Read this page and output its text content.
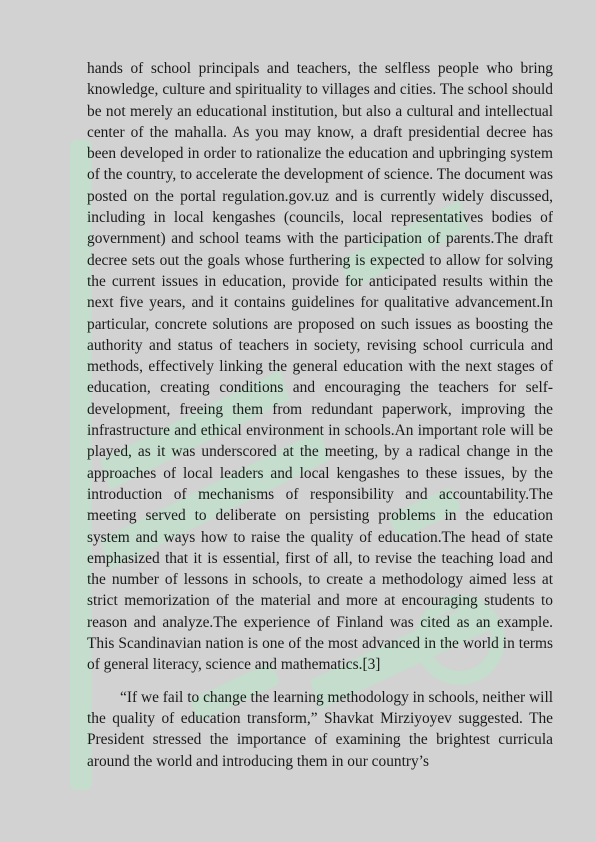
hands of school principals and teachers, the selfless people who bring knowledge, culture and spirituality to villages and cities. The school should be not merely an educational institution, but also a cultural and intellectual center of the mahalla. As you may know, a draft presidential decree has been developed in order to rationalize the education and upbringing system of the country, to accelerate the development of science. The document was posted on the portal regulation.gov.uz and is currently widely discussed, including in local kengashes (councils, local representatives bodies of government) and school teams with the participation of parents.The draft decree sets out the goals whose furthering is expected to allow for solving the current issues in education, provide for anticipated results within the next five years, and it contains guidelines for qualitative advancement.In particular, concrete solutions are proposed on such issues as boosting the authority and status of teachers in society, revising school curricula and methods, effectively linking the general education with the next stages of education, creating conditions and encouraging the teachers for self-development, freeing them from redundant paperwork, improving the infrastructure and ethical environment in schools.An important role will be played, as it was underscored at the meeting, by a radical change in the approaches of local leaders and local kengashes to these issues, by the introduction of mechanisms of responsibility and accountability.The meeting served to deliberate on persisting problems in the education system and ways how to raise the quality of education.The head of state emphasized that it is essential, first of all, to revise the teaching load and the number of lessons in schools, to create a methodology aimed less at strict memorization of the material and more at encouraging students to reason and analyze.The experience of Finland was cited as an example. This Scandinavian nation is one of the most advanced in the world in terms of general literacy, science and mathematics.[3]

“If we fail to change the learning methodology in schools, neither will the quality of education transform,” Shavkat Mirziyoyev suggested. The President stressed the importance of examining the brightest curricula around the world and introducing them in our country’s
